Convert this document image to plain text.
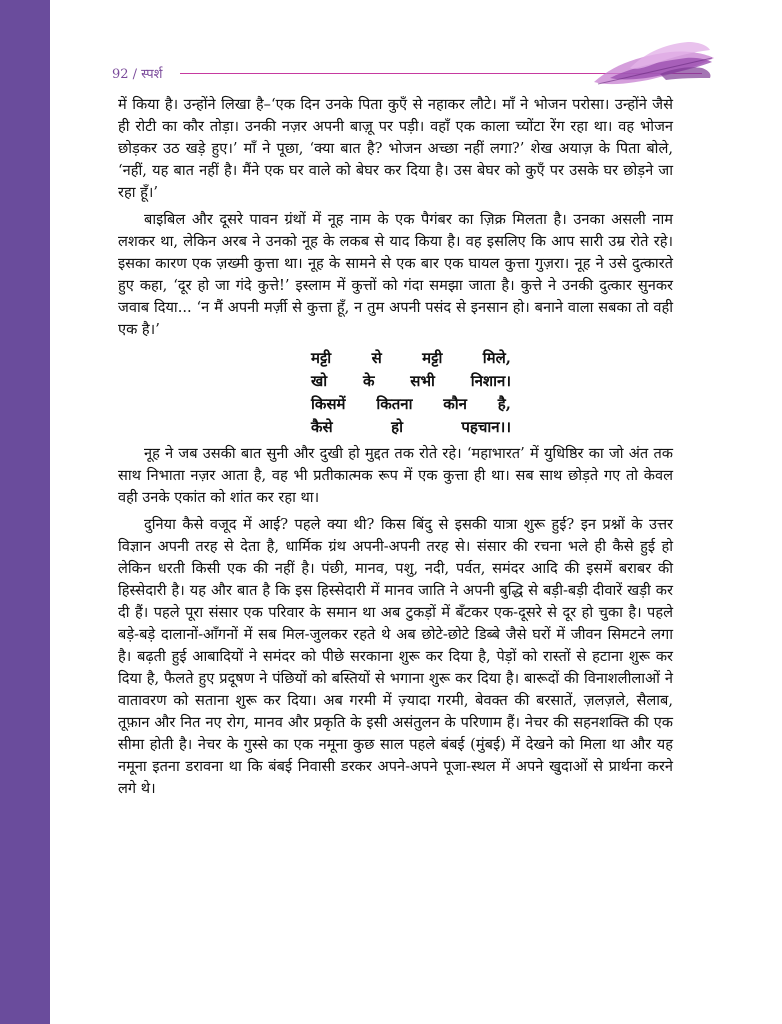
92 / स्पर्श

में किया है। उन्होंने लिखा है–‘एक दिन उनके पिता कुएँ से नहाकर लौटे। माँ ने भोजन परोसा। उन्होंने जैसे ही रोटी का कौर तोड़ा। उनकी नज़र अपनी बाज़ू पर पड़ी। वहाँ एक काला च्योंटा रेंग रहा था। वह भोजन छोड़कर उठ खड़े हुए।’ माँ ने पूछा, ‘क्या बात है? भोजन अच्छा नहीं लगा?’ शेख अयाज़ के पिता बोले, ‘नहीं, यह बात नहीं है। मैंने एक घर वाले को बेघर कर दिया है। उस बेघर को कुएँ पर उसके घर छोड़ने जा रहा हूँ।’

बाइबिल और दूसरे पावन ग्रंथों में नूह नाम के एक पैगंबर का ज़िक्र मिलता है। उनका असली नाम लशकर था, लेकिन अरब ने उनको नूह के लकब से याद किया है। वह इसलिए कि आप सारी उम्र रोते रहे। इसका कारण एक ज़ख्मी कुत्ता था। नूह के सामने से एक बार एक घायल कुत्ता गुज़रा। नूह ने उसे दुत्कारते हुए कहा, ‘दूर हो जा गंदे कुत्ते!’ इस्लाम में कुत्तों को गंदा समझा जाता है। कुत्ते ने उनकी दुत्कार सुनकर जवाब दिया... ‘न मैं अपनी मर्ज़ी से कुत्ता हूँ, न तुम अपनी पसंद से इनसान हो। बनाने वाला सबका तो वही एक है।’

मट्टी से मट्टी मिले,
खो के सभी निशान।
किसमें कितना कौन है,
कैसे हो पहचान।।

नूह ने जब उसकी बात सुनी और दुखी हो मुद्दत तक रोते रहे। ‘महाभारत’ में युधिष्ठिर का जो अंत तक साथ निभाता नज़र आता है, वह भी प्रतीकात्मक रूप में एक कुत्ता ही था। सब साथ छोड़ते गए तो केवल वही उनके एकांत को शांत कर रहा था।

दुनिया कैसे वजूद में आई? पहले क्या थी? किस बिंदु से इसकी यात्रा शुरू हुई? इन प्रश्नों के उत्तर विज्ञान अपनी तरह से देता है, धार्मिक ग्रंथ अपनी-अपनी तरह से। संसार की रचना भले ही कैसे हुई हो लेकिन धरती किसी एक की नहीं है। पंछी, मानव, पशु, नदी, पर्वत, समंदर आदि की इसमें बराबर की हिस्सेदारी है। यह और बात है कि इस हिस्सेदारी में मानव जाति ने अपनी बुद्धि से बड़ी-बड़ी दीवारें खड़ी कर दी हैं। पहले पूरा संसार एक परिवार के समान था अब टुकड़ों में बँटकर एक-दूसरे से दूर हो चुका है। पहले बड़े-बड़े दालानों-आँगनों में सब मिल-जुलकर रहते थे अब छोटे-छोटे डिब्बे जैसे घरों में जीवन सिमटने लगा है। बढ़ती हुई आबादियों ने समंदर को पीछे सरकाना शुरू कर दिया है, पेड़ों को रास्तों से हटाना शुरू कर दिया है, फैलते हुए प्रदूषण ने पंछियों को बस्तियों से भगाना शुरू कर दिया है। बारूदों की विनाशलीलाओं ने वातावरण को सताना शुरू कर दिया। अब गरमी में ज़्यादा गरमी, बेवक्त की बरसातें, ज़लज़ले, सैलाब, तूफ़ान और नित नए रोग, मानव और प्रकृति के इसी असंतुलन के परिणाम हैं। नेचर की सहनशक्ति की एक सीमा होती है। नेचर के गुस्से का एक नमूना कुछ साल पहले बंबई (मुंबई) में देखने को मिला था और यह नमूना इतना डरावना था कि बंबई निवासी डरकर अपने-अपने पूजा-स्थल में अपने खुदाओं से प्रार्थना करने लगे थे।
